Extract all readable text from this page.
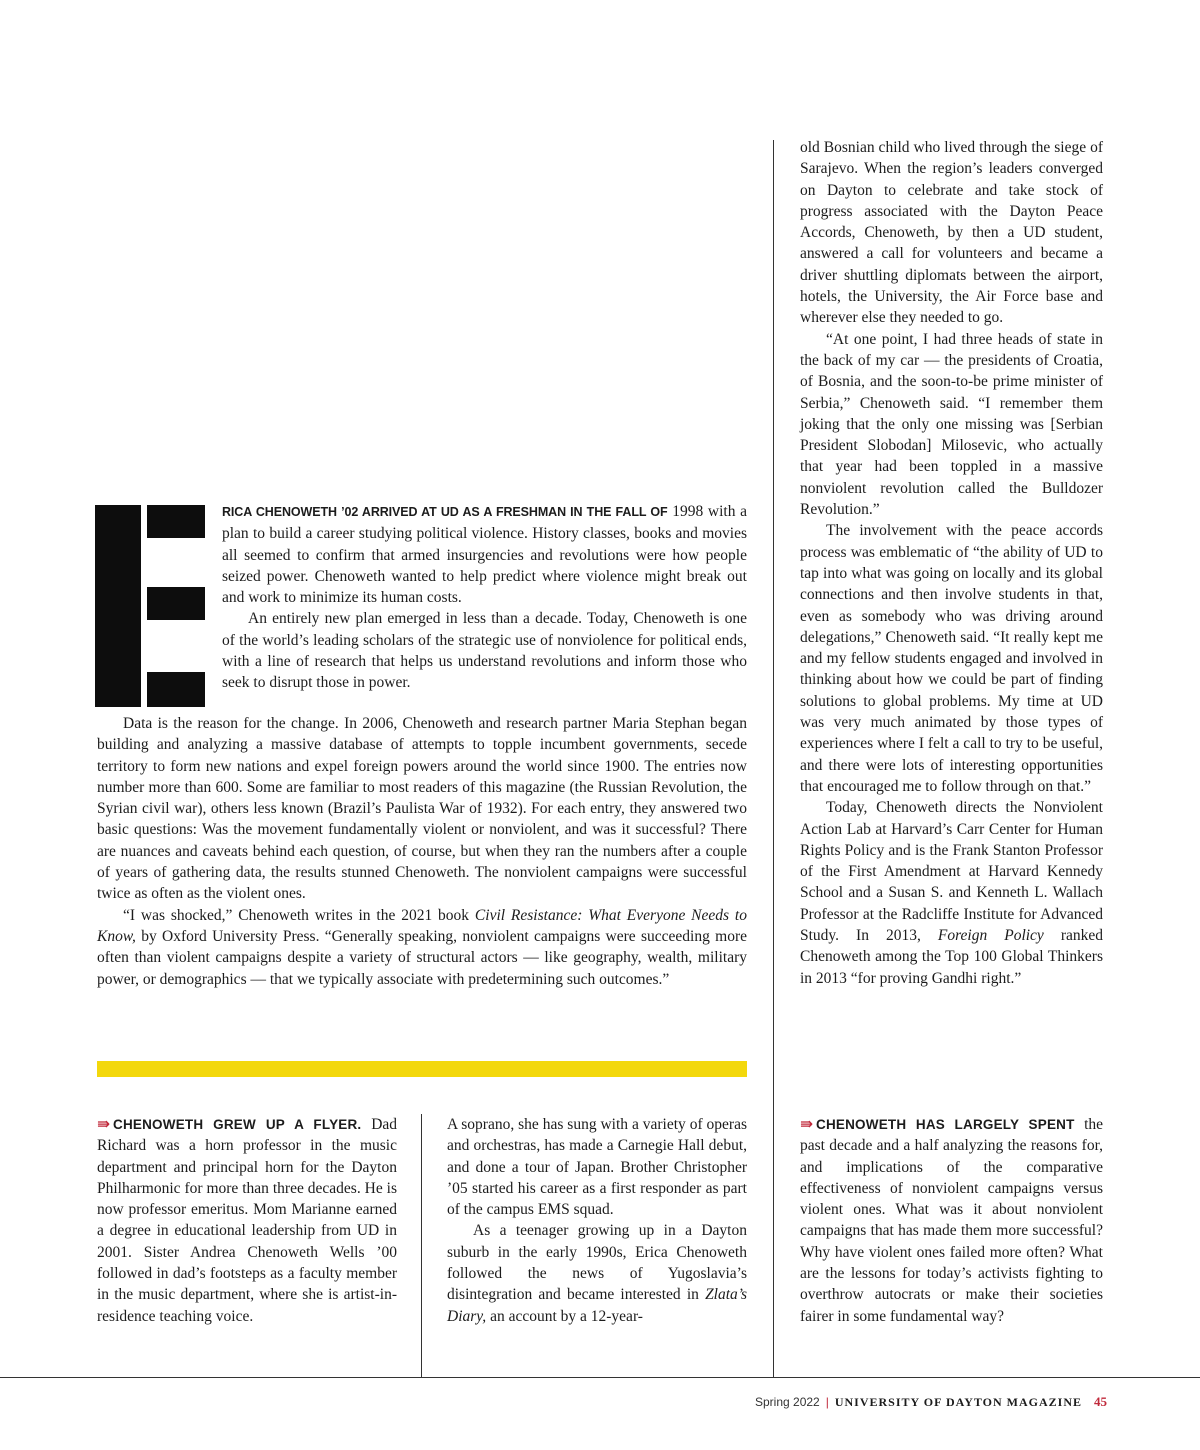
RICA CHENOWETH ’02 ARRIVED AT UD AS A FRESHMAN IN THE FALL OF 1998 with a plan to build a career studying political violence. History classes, books and movies all seemed to confirm that armed insurgencies and revolutions were how people seized power. Chenoweth wanted to help predict where violence might break out and work to minimize its human costs.

An entirely new plan emerged in less than a decade. Today, Chenoweth is one of the world’s leading scholars of the strategic use of nonviolence for political ends, with a line of research that helps us understand revolutions and inform those who seek to disrupt those in power.

Data is the reason for the change. In 2006, Chenoweth and research partner Maria Stephan began building and analyzing a massive database of attempts to topple incumbent governments, secede territory to form new nations and expel foreign powers around the world since 1900. The entries now number more than 600. Some are familiar to most readers of this magazine (the Russian Revolution, the Syrian civil war), others less known (Brazil’s Paulista War of 1932). For each entry, they answered two basic questions: Was the movement fundamentally violent or nonviolent, and was it successful? There are nuances and caveats behind each question, of course, but when they ran the numbers after a couple of years of gathering data, the results stunned Chenoweth. The nonviolent campaigns were successful twice as often as the violent ones.

“I was shocked,” Chenoweth writes in the 2021 book Civil Resistance: What Everyone Needs to Know, by Oxford University Press. “Generally speaking, nonviolent campaigns were succeeding more often than violent campaigns despite a variety of structural actors — like geography, wealth, military power, or demographics — that we typically associate with predetermining such outcomes.”

old Bosnian child who lived through the siege of Sarajevo. When the region’s leaders converged on Dayton to celebrate and take stock of progress associated with the Dayton Peace Accords, Chenoweth, by then a UD student, answered a call for volunteers and became a driver shuttling diplomats between the airport, hotels, the University, the Air Force base and wherever else they needed to go.

“At one point, I had three heads of state in the back of my car — the presidents of Croatia, of Bosnia, and the soon-to-be prime minister of Serbia,” Chenoweth said. “I remember them joking that the only one missing was [Serbian President Slobodan] Milosevic, who actually that year had been toppled in a massive nonviolent revolution called the Bulldozer Revolution.”

The involvement with the peace accords process was emblematic of “the ability of UD to tap into what was going on locally and its global connections and then involve students in that, even as somebody who was driving around delegations,” Chenoweth said. “It really kept me and my fellow students engaged and involved in thinking about how we could be part of finding solutions to global problems. My time at UD was very much animated by those types of experiences where I felt a call to try to be useful, and there were lots of interesting opportunities that encouraged me to follow through on that.”

Today, Chenoweth directs the Nonviolent Action Lab at Harvard’s Carr Center for Human Rights Policy and is the Frank Stanton Professor of the First Amendment at Harvard Kennedy School and a Susan S. and Kenneth L. Wallach Professor at the Radcliffe Institute for Advanced Study. In 2013, Foreign Policy ranked Chenoweth among the Top 100 Global Thinkers in 2013 “for proving Gandhi right.”

⇛ CHENOWETH GREW UP A FLYER. Dad Richard was a horn professor in the music department and principal horn for the Dayton Philharmonic for more than three decades. He is now professor emeritus. Mom Marianne earned a degree in educational leadership from UD in 2001. Sister Andrea Chenoweth Wells ’00 followed in dad’s footsteps as a faculty member in the music department, where she is artist-in-residence teaching voice.

A soprano, she has sung with a variety of operas and orchestras, has made a Carnegie Hall debut, and done a tour of Japan. Brother Christopher ’05 started his career as a first responder as part of the campus EMS squad.

As a teenager growing up in a Dayton suburb in the early 1990s, Erica Chenoweth followed the news of Yugoslavia’s disintegration and became interested in Zlata’s Diary, an account by a 12-year-

⇛ CHENOWETH HAS LARGELY SPENT the past decade and a half analyzing the reasons for, and implications of the comparative effectiveness of nonviolent campaigns versus violent ones. What was it about nonviolent campaigns that has made them more successful? Why have violent ones failed more often? What are the lessons for today’s activists fighting to overthrow autocrats or make their societies fairer in some fundamental way?

Spring 2022 | UNIVERSITY OF DAYTON MAGAZINE 45
